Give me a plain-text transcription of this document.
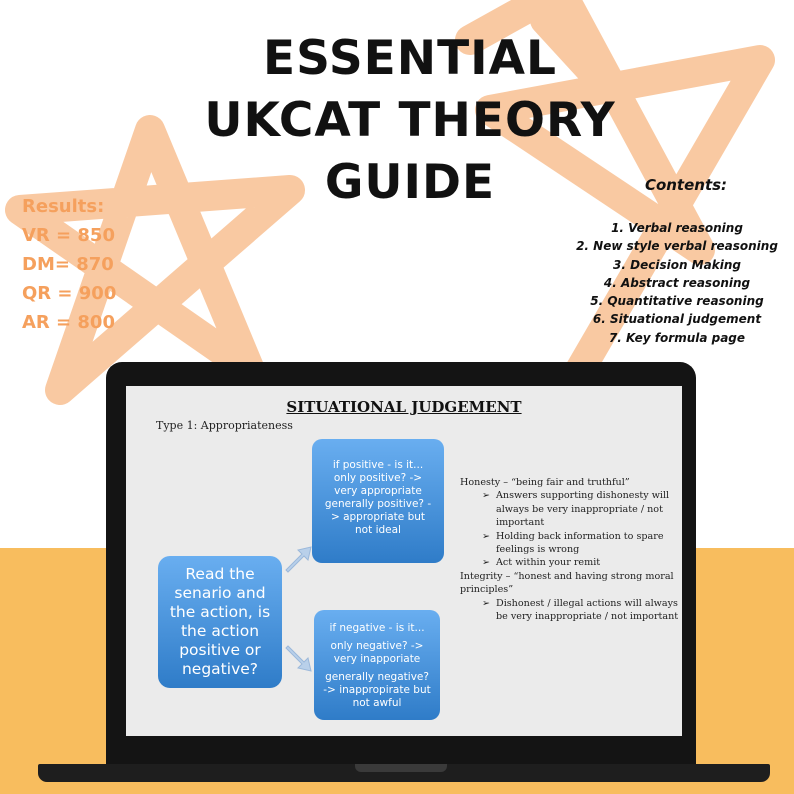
ESSENTIAL
UKCAT THEORY
GUIDE
Results:
VR = 850
DM= 870
QR = 900
AR = 800
Contents:
1. Verbal reasoning
2. New style verbal reasoning
3. Decision Making
4. Abstract reasoning
5. Quantitative reasoning
6. Situational judgement
7. Key formula page
SITUATIONAL JUDGEMENT
Type 1: Appropriateness
Read the senario and the action, is the action positive or negative?
if positive - is it...
only positive? ->
very appropriate
generally positive? -
> appropriate but
not ideal
if negative - is it...
only negative? ->
very inapporiate
generally negative?
-> inappropirate but
not awful
Honesty – “being fair and truthful”
➢ Answers supporting dishonesty will
always be very inappropriate / not
important
➢ Holding back information to spare
feelings is wrong
➢ Act within your remit
Integrity – “honest and having strong moral
principles”
➢ Dishonest / illegal actions will always
be very inappropriate / not important
